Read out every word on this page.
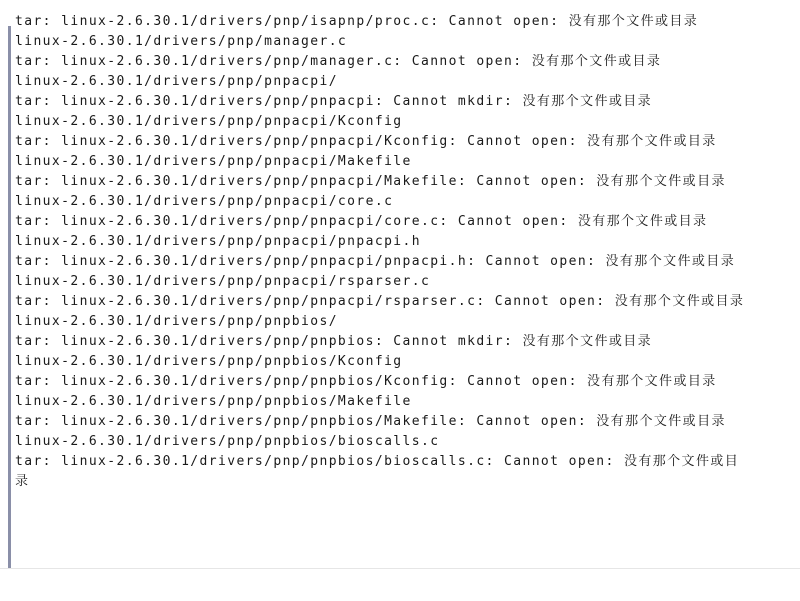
tar: linux-2.6.30.1/drivers/pnp/isapnp/proc.c: Cannot open: 没有那个文件或目录

linux-2.6.30.1/drivers/pnp/manager.c

tar: linux-2.6.30.1/drivers/pnp/manager.c: Cannot open: 没有那个文件或目录

linux-2.6.30.1/drivers/pnp/pnpacpi/

tar: linux-2.6.30.1/drivers/pnp/pnpacpi: Cannot mkdir: 没有那个文件或目录

linux-2.6.30.1/drivers/pnp/pnpacpi/Kconfig

tar: linux-2.6.30.1/drivers/pnp/pnpacpi/Kconfig: Cannot open: 没有那个文件或目录

linux-2.6.30.1/drivers/pnp/pnpacpi/Makefile

tar: linux-2.6.30.1/drivers/pnp/pnpacpi/Makefile: Cannot open: 没有那个文件或目录

linux-2.6.30.1/drivers/pnp/pnpacpi/core.c

tar: linux-2.6.30.1/drivers/pnp/pnpacpi/core.c: Cannot open: 没有那个文件或目录

linux-2.6.30.1/drivers/pnp/pnpacpi/pnpacpi.h

tar: linux-2.6.30.1/drivers/pnp/pnpacpi/pnpacpi.h: Cannot open: 没有那个文件或目录

linux-2.6.30.1/drivers/pnp/pnpacpi/rsparser.c

tar: linux-2.6.30.1/drivers/pnp/pnpacpi/rsparser.c: Cannot open: 没有那个文件或目录

linux-2.6.30.1/drivers/pnp/pnpbios/

tar: linux-2.6.30.1/drivers/pnp/pnpbios: Cannot mkdir: 没有那个文件或目录

linux-2.6.30.1/drivers/pnp/pnpbios/Kconfig

tar: linux-2.6.30.1/drivers/pnp/pnpbios/Kconfig: Cannot open: 没有那个文件或目录

linux-2.6.30.1/drivers/pnp/pnpbios/Makefile

tar: linux-2.6.30.1/drivers/pnp/pnpbios/Makefile: Cannot open: 没有那个文件或目录

linux-2.6.30.1/drivers/pnp/pnpbios/bioscalls.c

tar: linux-2.6.30.1/drivers/pnp/pnpbios/bioscalls.c: Cannot open: 没有那个文件或目录
